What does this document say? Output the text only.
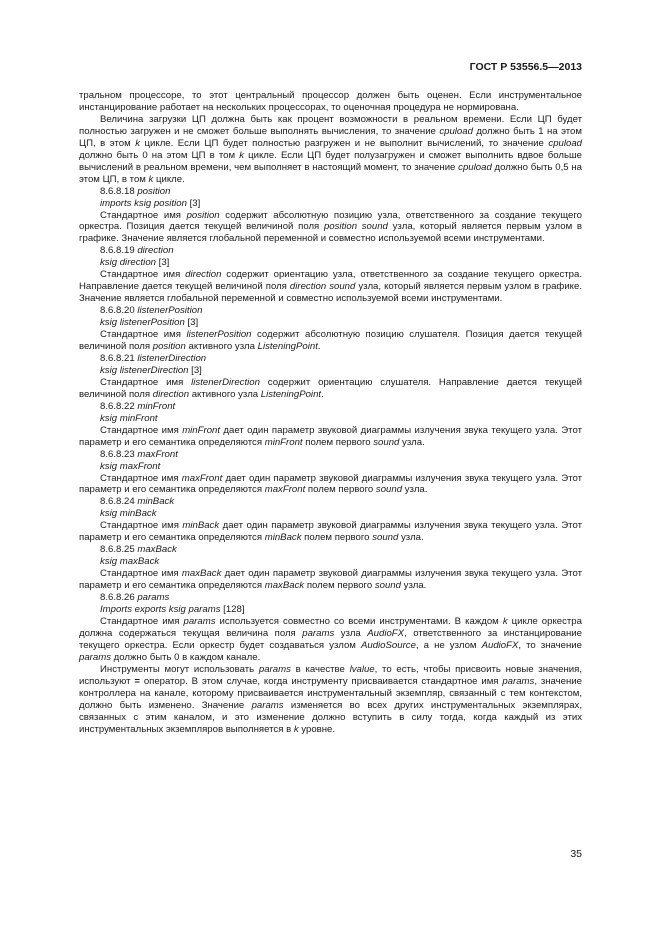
ГОСТ Р 53556.5—2013

тральном процессоре, то этот центральный процессор должен быть оценен. Если инструментальное инстанцирование работает на нескольких процессорах, то оценочная процедура не нормирована.

Величина загрузки ЦП должна быть как процент возможности в реальном времени. Если ЦП будет полностью загружен и не сможет больше выполнять вычисления, то значение cpuload должно быть 1 на этом ЦП, в этом k цикле. Если ЦП будет полностью разгружен и не выполнит вычислений, то значение cpuload должно быть 0 на этом ЦП в том k цикле. Если ЦП будет полузагружен и сможет выполнить вдвое больше вычислений в реальном времени, чем выполняет в настоящий момент, то значение cpuload должно быть 0,5 на этом ЦП, в том k цикле.

8.6.8.18 position

imports ksig position [3]

Стандартное имя position содержит абсолютную позицию узла, ответственного за создание текущего оркестра. Позиция дается текущей величиной поля position sound узла, который является первым узлом в графике. Значение является глобальной переменной и совместно используемой всеми инструментами.

8.6.8.19 direction

ksig direction [3]

Стандартное имя direction содержит ориентацию узла, ответственного за создание текущего оркестра. Направление дается текущей величиной поля direction sound узла, который является первым узлом в графике. Значение является глобальной переменной и совместно используемой всеми инструментами.

8.6.8.20 listenerPosition

ksig listenerPosition [3]

Стандартное имя listenerPosition содержит абсолютную позицию слушателя. Позиция дается текущей величиной поля position активного узла ListeningPoint.

8.6.8.21 listenerDirection

ksig listenerDirection [3]

Стандартное имя listenerDirection содержит ориентацию слушателя. Направление дается текущей величиной поля direction активного узла ListeningPoint.

8.6.8.22 minFront

ksig minFront

Стандартное имя minFront дает один параметр звуковой диаграммы излучения звука текущего узла. Этот параметр и его семантика определяются minFront полем первого sound узла.

8.6.8.23 maxFront

ksig maxFront

Стандартное имя maxFront дает один параметр звуковой диаграммы излучения звука текущего узла. Этот параметр и его семантика определяются maxFront полем первого sound узла.

8.6.8.24 minBack

ksig minBack

Стандартное имя minBack дает один параметр звуковой диаграммы излучения звука текущего узла. Этот параметр и его семантика определяются minBack полем первого sound узла.

8.6.8.25 maxBack

ksig maxBack

Стандартное имя maxBack дает один параметр звуковой диаграммы излучения звука текущего узла. Этот параметр и его семантика определяются maxBack полем первого sound узла.

8.6.8.26 params

Imports exports ksig params [128]

Стандартное имя params используется совместно со всеми инструментами. В каждом k цикле оркестра должна содержаться текущая величина поля params узла AudioFX, ответственного за инстанцирование текущего оркестра. Если оркестр будет создаваться узлом AudioSource, а не узлом AudioFX, то значение params должно быть 0 в каждом канале.

Инструменты могут использовать params в качестве lvalue, то есть, чтобы присвоить новые значения, используют = оператор. В этом случае, когда инструменту присваивается стандартное имя params, значение контроллера на канале, которому присваивается инструментальный экземпляр, связанный с тем контекстом, должно быть изменено. Значение params изменяется во всех других инструментальных экземплярах, связанных с этим каналом, и это изменение должно вступить в силу тогда, когда каждый из этих инструментальных экземпляров выполняется в k уровне.

35
